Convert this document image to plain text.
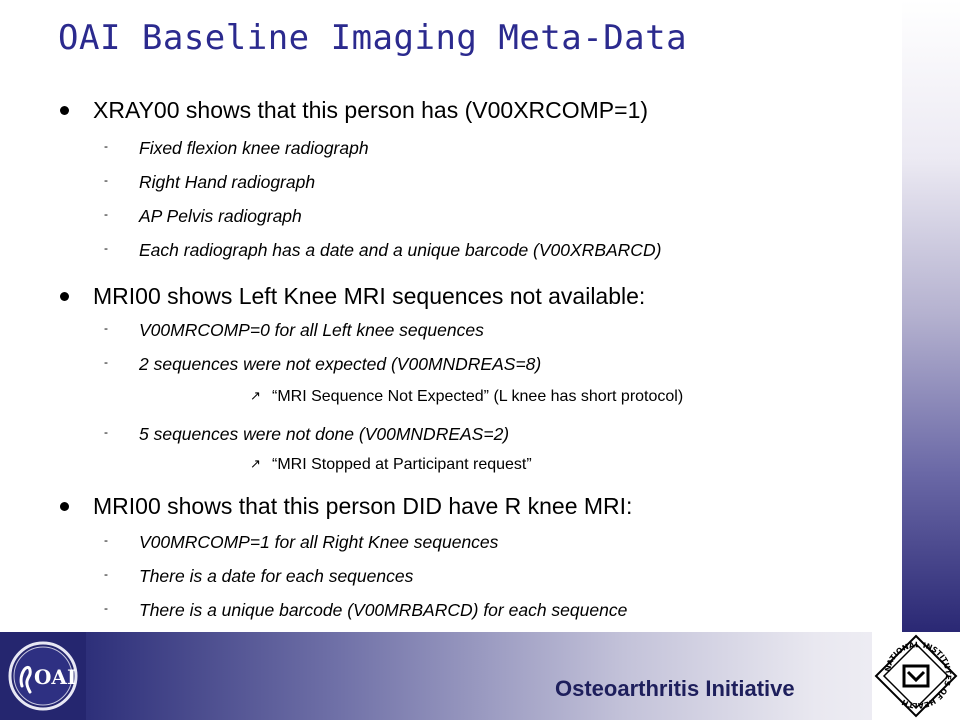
OAI	NATIONAL INSTITUTES OF HEALTH
OAI Baseline Imaging Meta-Data
XRAY00 shows that this person has (V00XRCOMP=1)
- Fixed flexion knee radiograph
- Right Hand radiograph
- AP Pelvis radiograph
- Each radiograph has a date and a unique barcode (V00XRBARCD)
MRI00 shows Left Knee MRI sequences not available:
- V00MRCOMP=0 for all Left knee sequences
- 2 sequences were not expected (V00MNDREAS=8)
↗ “MRI Sequence Not Expected” (L knee has short protocol)
- 5 sequences were not done (V00MNDREAS=2)
↗ “MRI Stopped at Participant request”
MRI00 shows that this person DID have R knee MRI:
- V00MRCOMP=1 for all Right Knee sequences
- There is a date for each sequences
- There is a unique barcode (V00MRBARCD) for each sequence
Osteoarthritis Initiative
